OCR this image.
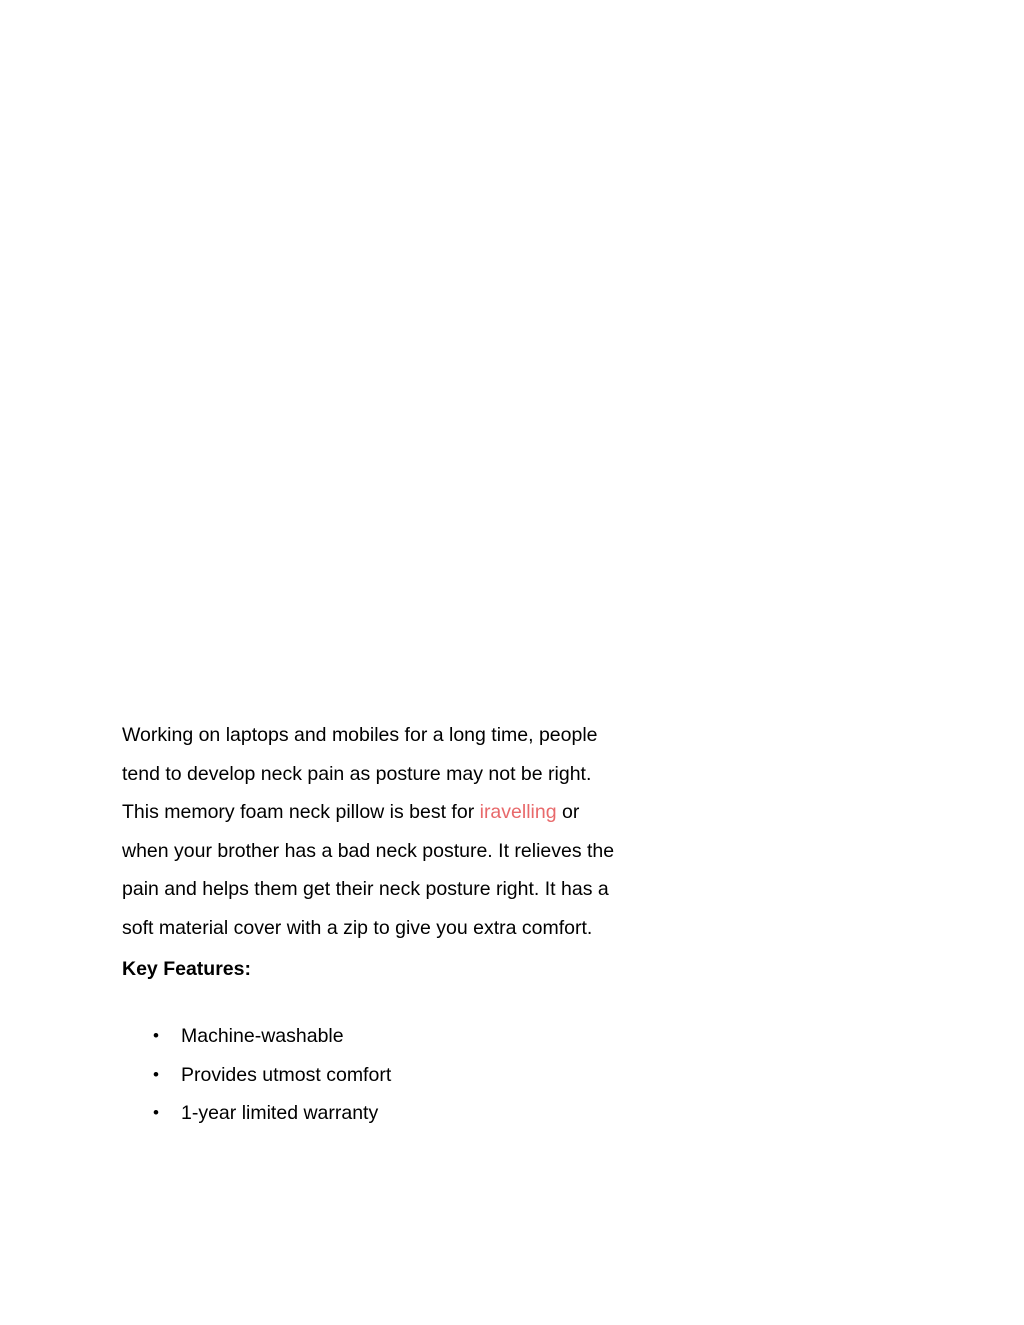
Working on laptops and mobiles for a long time, people
tend to develop neck pain as posture may not be right.
This memory foam neck pillow is best for iravelling or
when your brother has a bad neck posture. It relieves the
pain and helps them get their neck posture right. It has a
soft material cover with a zip to give you extra comfort.
Key Features:
• Machine-washable
• Provides utmost comfort
• 1-year limited warranty
